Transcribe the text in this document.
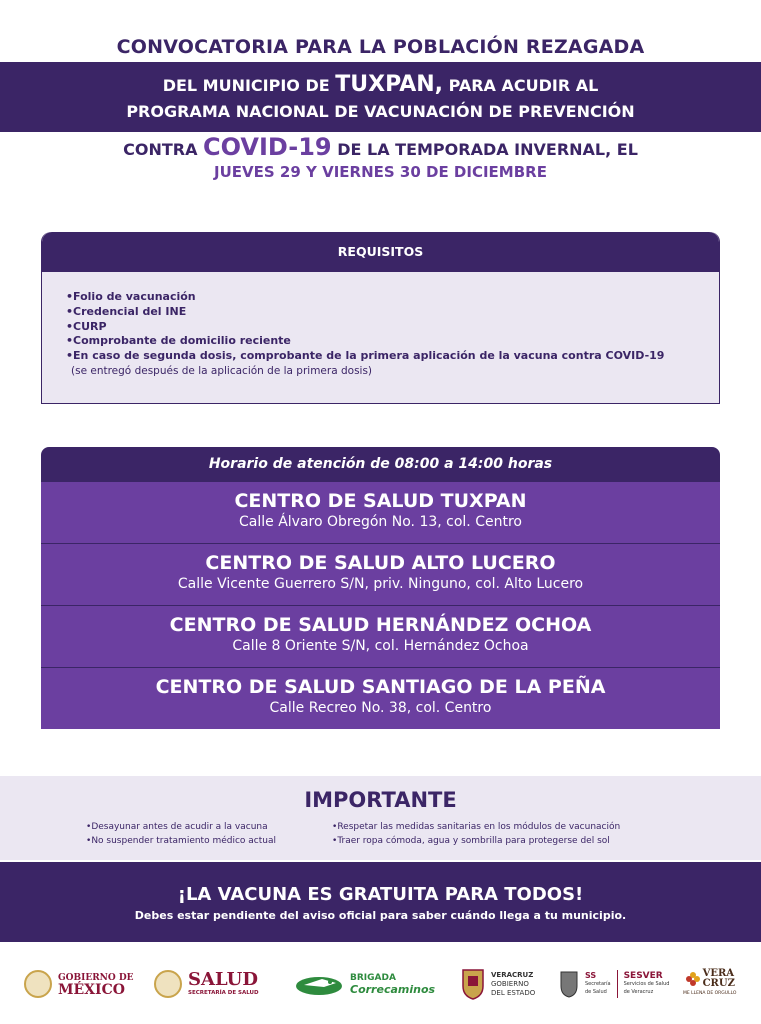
CONVOCATORIA PARA LA POBLACIÓN REZAGADA
DEL MUNICIPIO DE TUXPAN, PARA ACUDIR AL
PROGRAMA NACIONAL DE VACUNACIÓN DE PREVENCIÓN
CONTRA COVID-19 DE LA TEMPORADA INVERNAL, EL
JUEVES 29 Y VIERNES 30 DE DICIEMBRE
REQUISITOS
• Folio de vacunación
• Credencial del INE
• CURP
• Comprobante de domicilio reciente
• En caso de segunda dosis, comprobante de la primera aplicación de la vacuna contra COVID-19
(se entregó después de la aplicación de la primera dosis)
Horario de atención de 08:00 a 14:00 horas
CENTRO DE SALUD TUXPAN
Calle Álvaro Obregón No. 13, col. Centro
CENTRO DE SALUD ALTO LUCERO
Calle Vicente Guerrero S/N, priv. Ninguno, col. Alto Lucero
CENTRO DE SALUD HERNÁNDEZ OCHOA
Calle 8 Oriente S/N, col. Hernández Ochoa
CENTRO DE SALUD SANTIAGO DE LA PEÑA
Calle Recreo No. 38, col. Centro
IMPORTANTE
• Desayunar antes de acudir a la vacuna
• No suspender tratamiento médico actual
• Respetar las medidas sanitarias en los módulos de vacunación
• Traer ropa cómoda, agua y sombrilla para protegerse del sol
¡LA VACUNA ES GRATUITA PARA TODOS!
Debes estar pendiente del aviso oficial para saber cuándo llega a tu municipio.
GOBIERNO DE
MÉXICO	SALUD
SECRETARÍA DE SALUD
BRIGADA
Correcaminos
VERACRUZ
GOBIERNO
DEL ESTADO
SS
Secretaría
de Salud
SESVER
Servicios de Salud
de Veracruz
VERA
CRUZ
ME LLENA DE ORGULLO
